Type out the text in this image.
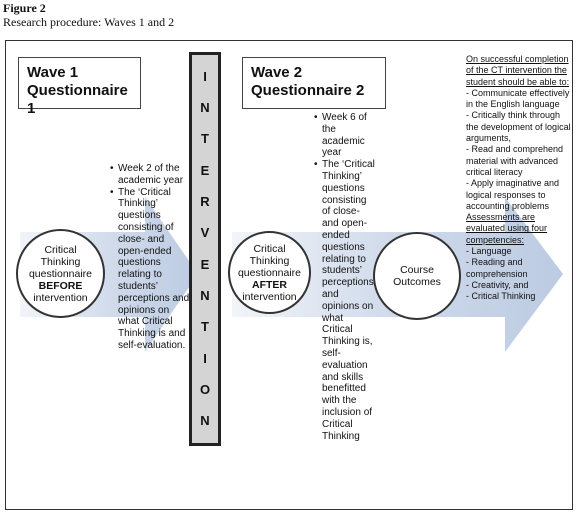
Figure 2
Research procedure: Waves 1 and 2
Wave 1
Questionnaire 1
Wave 2
Questionnaire 2
I
N
T
E
R
V
E
N
T
I
O
N
Critical
Thinking
questionnaire
BEFORE
intervention
Critical
Thinking
questionnaire
AFTER
intervention
Course
Outcomes
• Week 2 of the academic year
• The ‘Critical Thinking’ questions consisting of close- and open-ended questions relating to students’ perceptions and opinions on what Critical Thinking is and self-evaluation.
• Week 6 of the academic year
• The ‘Critical Thinking’ questions consisting of close-and open-ended questions relating to students’ perceptions and opinions on what Critical Thinking is, self-evaluation and skills benefitted with the inclusion of Critical Thinking
On successful completion of the CT intervention the student should be able to:
- Communicate effectively in the English language
- Critically think through the development of logical arguments,
- Read and comprehend material with advanced critical literacy
- Apply imaginative and logical responses to accounting problems
Assessments are evaluated using four competencies:
- Language
- Reading and comprehension
- Creativity, and
- Critical Thinking
